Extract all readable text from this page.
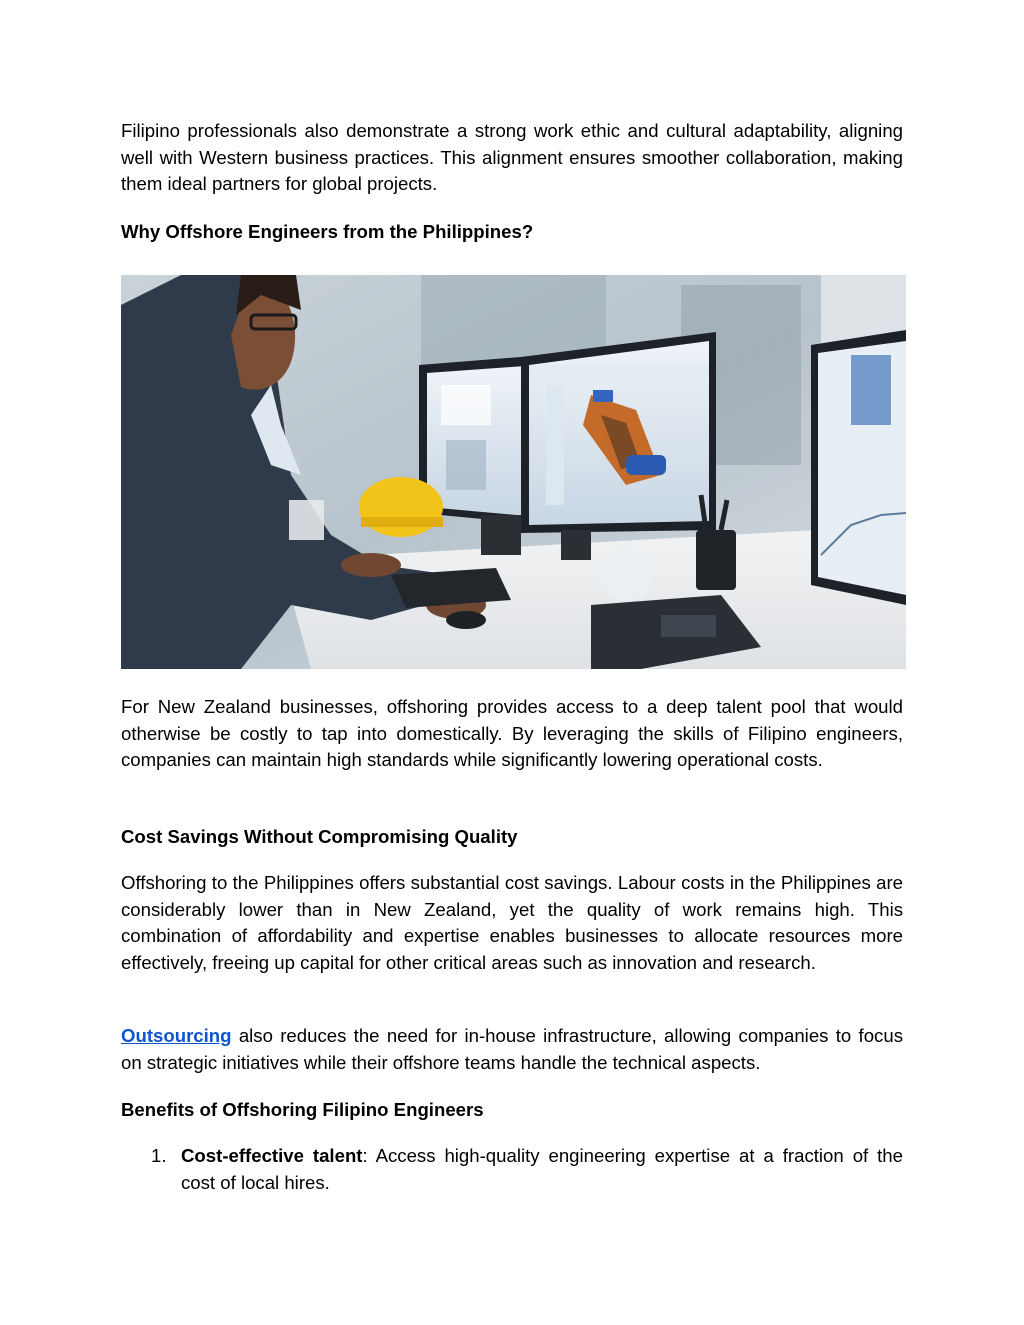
Filipino professionals also demonstrate a strong work ethic and cultural adaptability, aligning well with Western business practices. This alignment ensures smoother collaboration, making them ideal partners for global projects.

Why Offshore Engineers from the Philippines?

For New Zealand businesses, offshoring provides access to a deep talent pool that would otherwise be costly to tap into domestically. By leveraging the skills of Filipino engineers, companies can maintain high standards while significantly lowering operational costs.

Cost Savings Without Compromising Quality

Offshoring to the Philippines offers substantial cost savings. Labour costs in the Philippines are considerably lower than in New Zealand, yet the quality of work remains high. This combination of affordability and expertise enables businesses to allocate resources more effectively, freeing up capital for other critical areas such as innovation and research.

Outsourcing also reduces the need for in-house infrastructure, allowing companies to focus on strategic initiatives while their offshore teams handle the technical aspects.

Benefits of Offshoring Filipino Engineers
1. Cost-effective talent: Access high-quality engineering expertise at a fraction of the cost of local hires.
